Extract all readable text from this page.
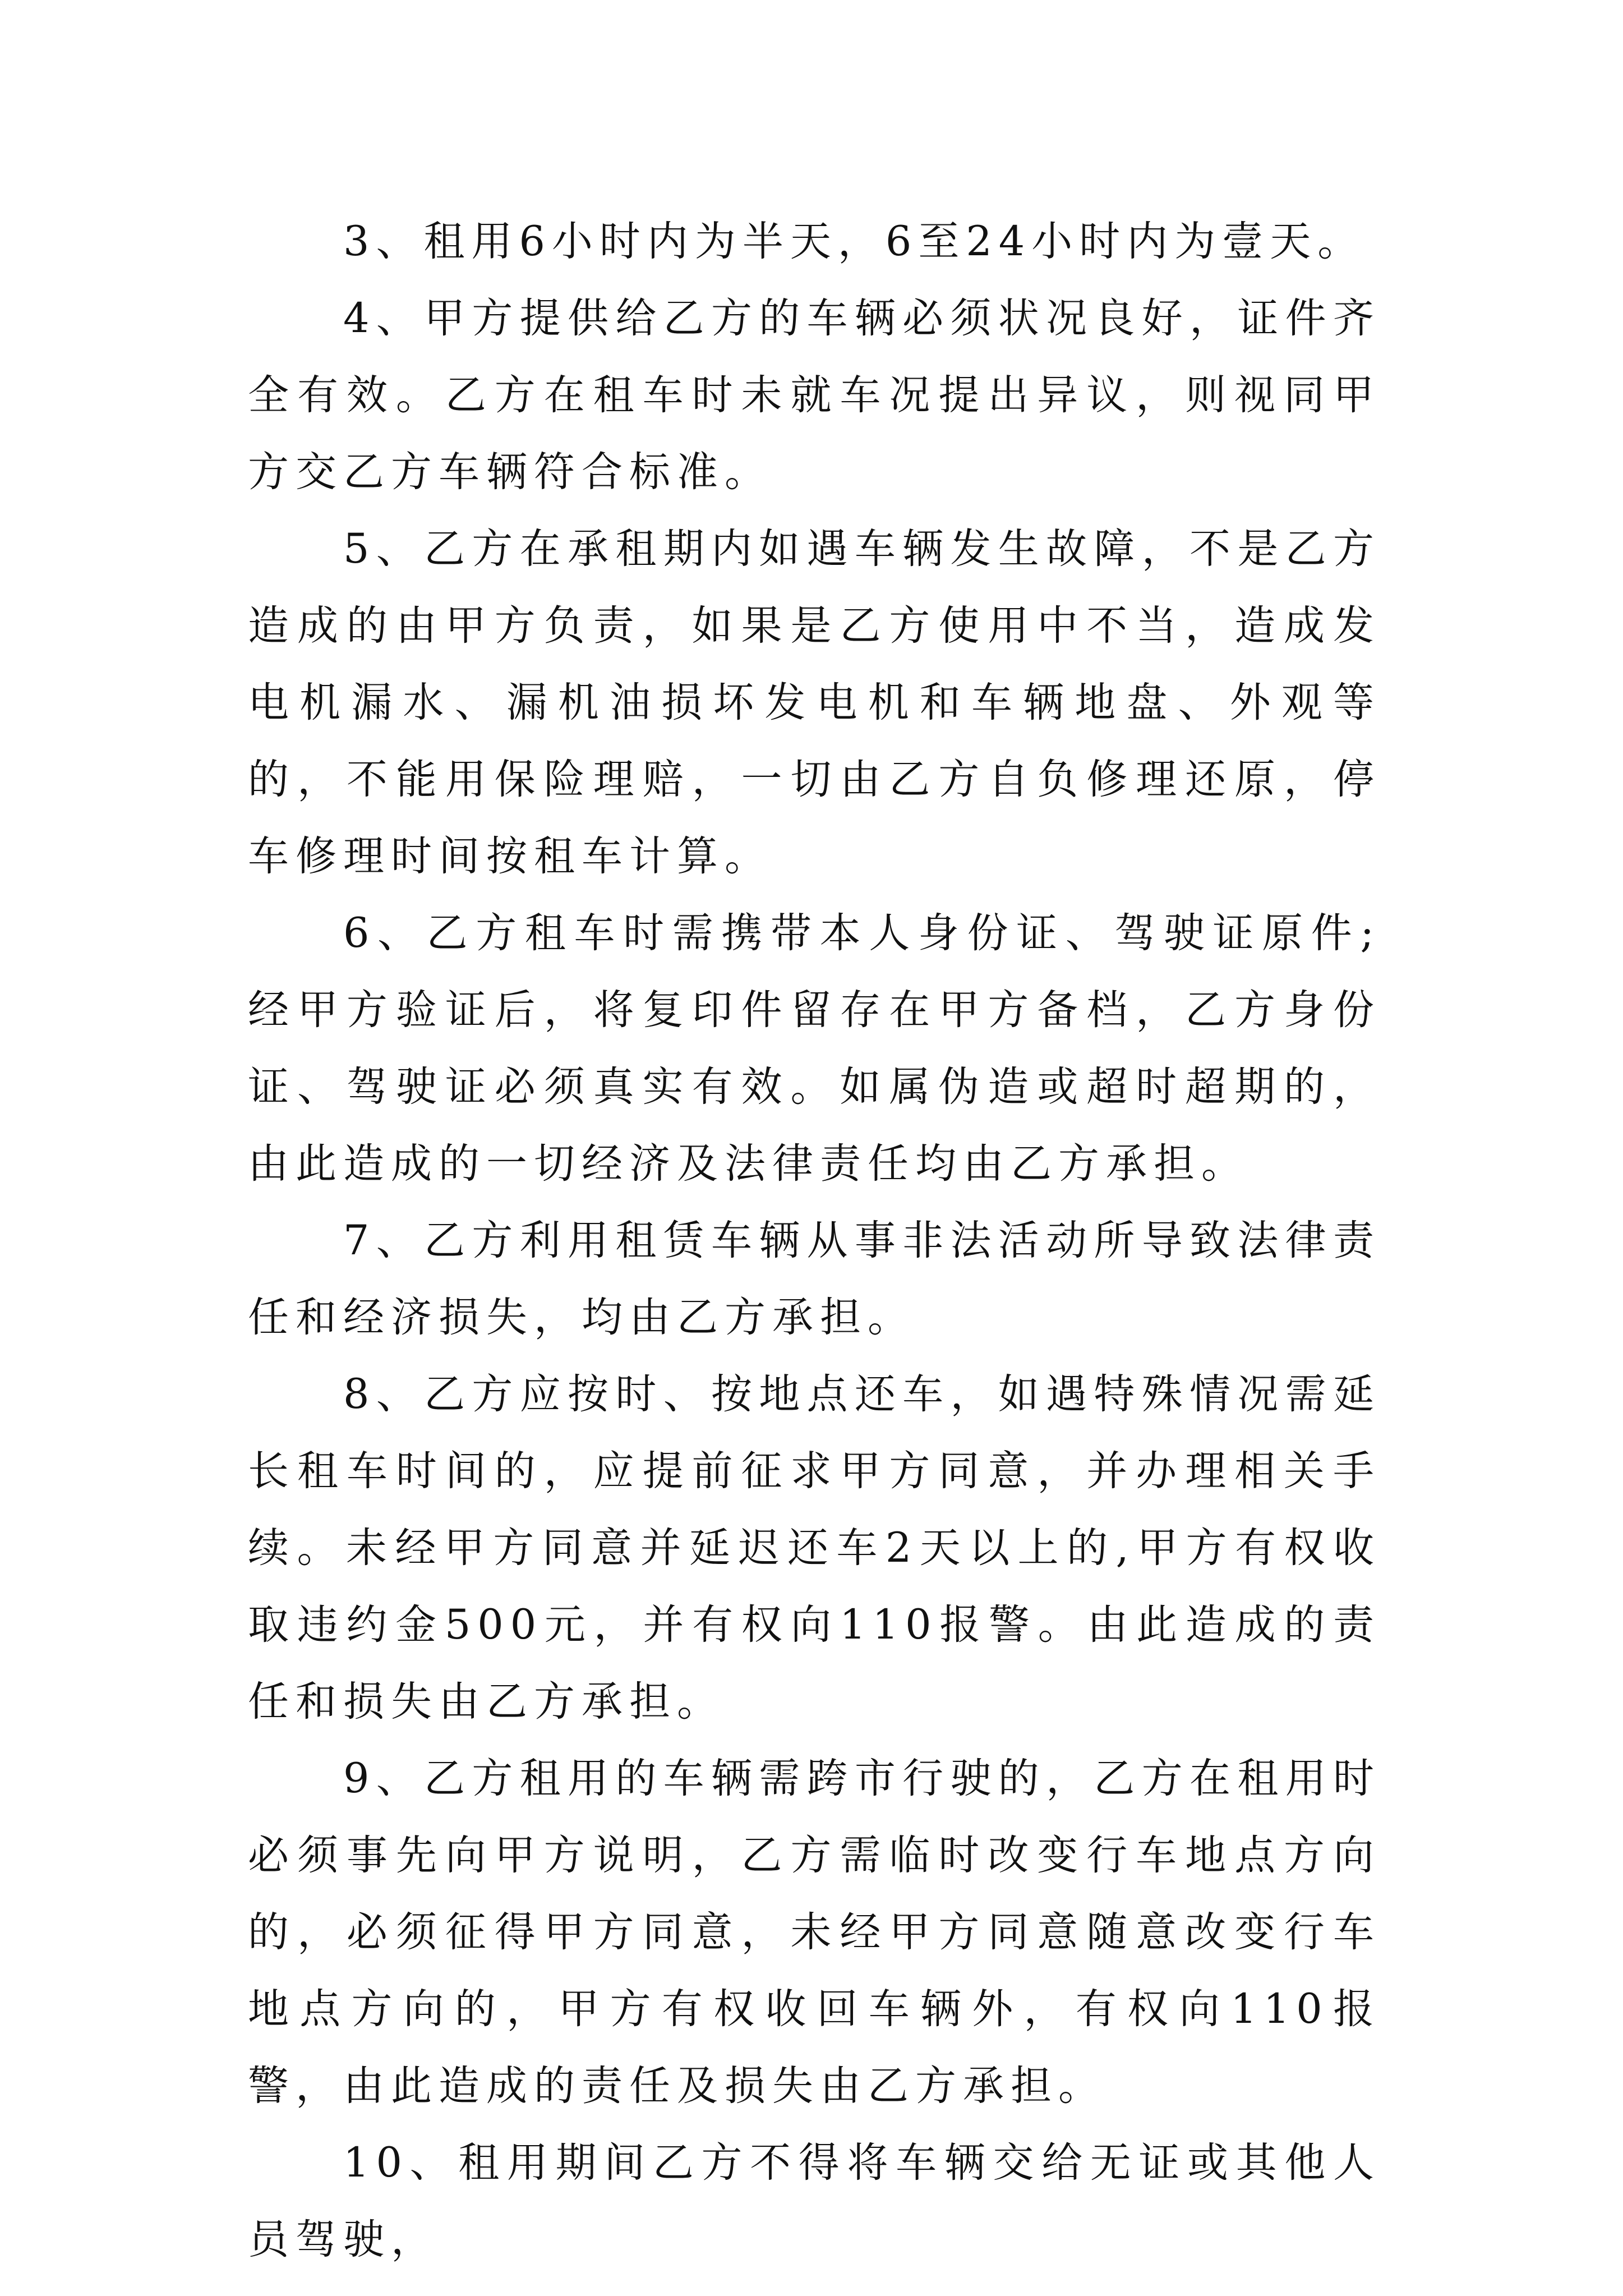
3、租用6小时内为半天，6至24小时内为壹天。

4、甲方提供给乙方的车辆必须状况良好，证件齐全有效。乙方在租车时未就车况提出异议，则视同甲方交乙方车辆符合标准。

5、乙方在承租期内如遇车辆发生故障，不是乙方造成的由甲方负责，如果是乙方使用中不当，造成发电机漏水、漏机油损坏发电机和车辆地盘、外观等的，不能用保险理赔，一切由乙方自负修理还原，停车修理时间按租车计算。

6、乙方租车时需携带本人身份证、驾驶证原件;经甲方验证后，将复印件留存在甲方备档，乙方身份证、驾驶证必须真实有效。如属伪造或超时超期的，由此造成的一切经济及法律责任均由乙方承担。

7、乙方利用租赁车辆从事非法活动所导致法律责任和经济损失，均由乙方承担。

8、乙方应按时、按地点还车，如遇特殊情况需延长租车时间的，应提前征求甲方同意，并办理相关手续。未经甲方同意并延迟还车2天以上的,甲方有权收取违约金500元，并有权向110报警。由此造成的责任和损失由乙方承担。

9、乙方租用的车辆需跨市行驶的，乙方在租用时必须事先向甲方说明，乙方需临时改变行车地点方向的，必须征得甲方同意，未经甲方同意随意改变行车地点方向的，甲方有权收回车辆外，有权向110报警，由此造成的责任及损失由乙方承担。

10、租用期间乙方不得将车辆交给无证或其他人员驾驶，
